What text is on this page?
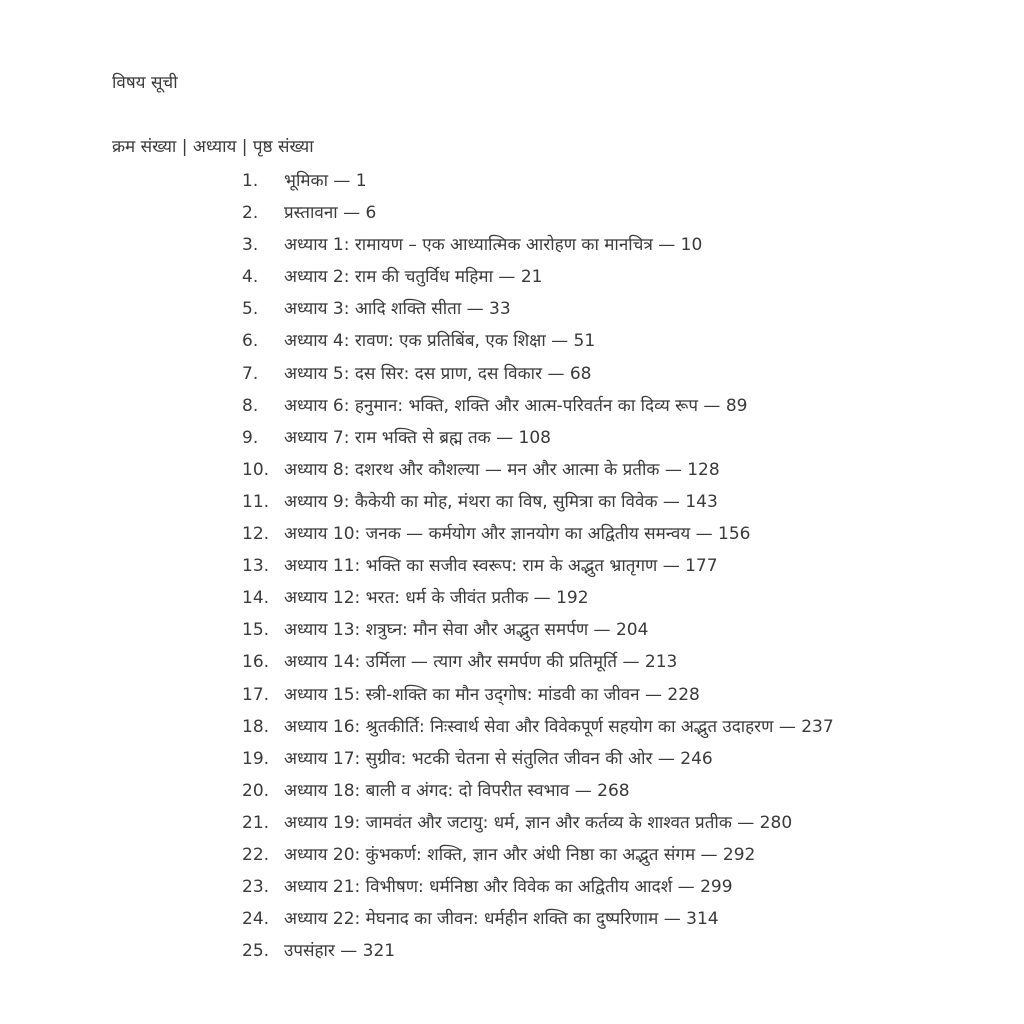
विषय सूची
क्रम संख्या | अध्याय | पृष्ठ संख्या
1. भूमिका — 1
2. प्रस्तावना — 6
3. अध्याय 1: रामायण – एक आध्यात्मिक आरोहण का मानचित्र — 10
4. अध्याय 2: राम की चतुर्विध महिमा — 21
5. अध्याय 3: आदि शक्ति सीता — 33
6. अध्याय 4: रावण: एक प्रतिबिंब, एक शिक्षा — 51
7. अध्याय 5: दस सिर: दस प्राण, दस विकार — 68
8. अध्याय 6: हनुमान: भक्ति, शक्ति और आत्म-परिवर्तन का दिव्य रूप — 89
9. अध्याय 7: राम भक्ति से ब्रह्म तक — 108
10. अध्याय 8: दशरथ और कौशल्या — मन और आत्मा के प्रतीक — 128
11. अध्याय 9: कैकेयी का मोह, मंथरा का विष, सुमित्रा का विवेक — 143
12. अध्याय 10: जनक — कर्मयोग और ज्ञानयोग का अद्वितीय समन्वय — 156
13. अध्याय 11: भक्ति का सजीव स्वरूप: राम के अद्भुत भ्रातृगण — 177
14. अध्याय 12: भरत: धर्म के जीवंत प्रतीक — 192
15. अध्याय 13: शत्रुघ्न: मौन सेवा और अद्भुत समर्पण — 204
16. अध्याय 14: उर्मिला — त्याग और समर्पण की प्रतिमूर्ति — 213
17. अध्याय 15: स्त्री-शक्ति का मौन उद्‌गोष: मांडवी का जीवन — 228
18. अध्याय 16: श्रुतकीर्ति: निःस्वार्थ सेवा और विवेकपूर्ण सहयोग का अद्भुत उदाहरण — 237
19. अध्याय 17: सुग्रीव: भटकी चेतना से संतुलित जीवन की ओर — 246
20. अध्याय 18: बाली व अंगद: दो विपरीत स्वभाव — 268
21. अध्याय 19: जामवंत और जटायु: धर्म, ज्ञान और कर्तव्य के शाश्वत प्रतीक — 280
22. अध्याय 20: कुंभकर्ण: शक्ति, ज्ञान और अंधी निष्ठा का अद्भुत संगम — 292
23. अध्याय 21: विभीषण: धर्मनिष्ठा और विवेक का अद्वितीय आदर्श — 299
24. अध्याय 22: मेघनाद का जीवन: धर्महीन शक्ति का दुष्परिणाम — 314
25. उपसंहार — 321
